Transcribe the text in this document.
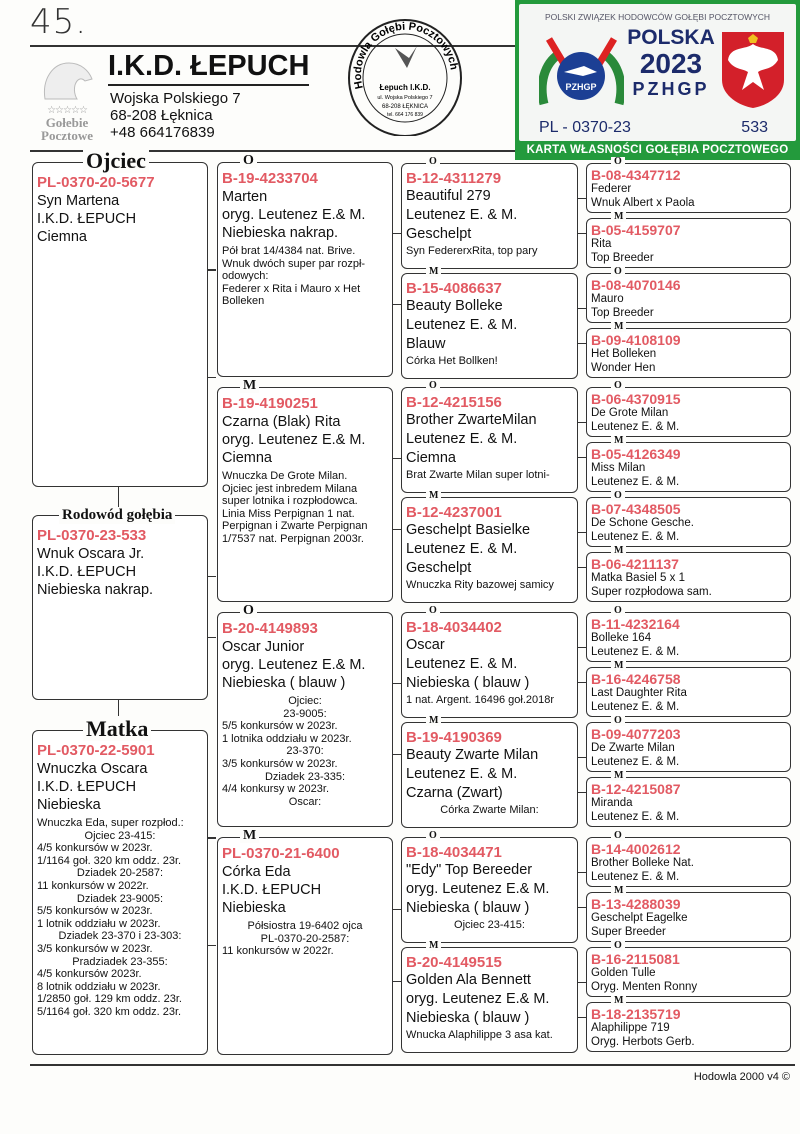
45.
☆☆☆☆☆
Gołebie
Pocztowe
I.K.D. ŁEPUCH
Wojska Polskiego 7
68-208 Łęknica
+48 664176839
Hodowla Gołębi Pocztowych
Łepuch I.K.D.
ul. Wojska Polskiego 7
68-208 ŁĘKNICA
tel. 664 176 839
POLSKI ZWIĄZEK HODOWCÓW GOŁĘBI POCZTOWYCH
PZHGP
POLSKA
2023
PZHGP
PL - 0370-23	533
KARTA WŁASNOŚCI GOŁĘBIA POCZTOWEGO
Ojciec
PL-0370-20-5677
Syn Martena
I.K.D. ŁEPUCH
Ciemna
Rodowód gołębia
PL-0370-23-533
Wnuk Oscara Jr.
I.K.D. ŁEPUCH
Niebieska nakrap.
Matka
PL-0370-22-5901
Wnuczka Oscara
I.K.D. ŁEPUCH
Niebieska
Wnuczka Eda, super rozpłod.:
Ojciec 23-415:
4/5 konkursów w 2023r.
1/1164 goł. 320 km oddz. 23r.
Dziadek 20-2587:
11 konkursów w 2022r.
Dziadek 23-9005:
5/5 konkursów w 2023r.
1 lotnik oddziału w 2023r.
Dziadek 23-370 i 23-303:
3/5 konkursów w 2023r.
Pradziadek 23-355:
4/5 konkursów 2023r.
8 lotnik oddziału w 2023r.
1/2850 goł. 129 km oddz. 23r.
5/1164 goł. 320 km oddz. 23r.
O
B-19-4233704
Marten
oryg. Leutenez E.& M.
Niebieska nakrap.
Pół brat 14/4384 nat. Brive.
Wnuk dwóch super par rozpł-
odowych:
Federer x Rita i Mauro x Het
Bolleken
M
B-19-4190251
Czarna (Blak) Rita
oryg. Leutenez E.& M.
Ciemna
Wnuczka De Grote Milan.
Ojciec jest inbredem Milana
super lotnika i rozpłodowca.
Linia Miss Perpignan 1 nat.
Perpignan i Zwarte Perpignan
1/7537 nat. Perpignan 2003r.
O
B-20-4149893
Oscar Junior
oryg. Leutenez E.& M.
Niebieska ( blauw )
Ojciec:
23-9005:
5/5 konkursów w 2023r.
1 lotnika oddziału w 2023r.
23-370:
3/5 konkursów w 2023r.
Dziadek 23-335:
4/4 konkursy w 2023r.
Oscar:
M
PL-0370-21-6400
Córka Eda
I.K.D. ŁEPUCH
Niebieska
Półsiostra 19-6402 ojca
PL-0370-20-2587:
11 konkursów w 2022r.
O
B-12-4311279
Beautiful 279
Leutenez E. & M.
Geschelpt
Syn FedererxRita, top pary
M
B-15-4086637
Beauty Bolleke
Leutenez E. & M.
Blauw
Córka Het Bollken!
O
B-12-4215156
Brother ZwarteMilan
Leutenez E. & M.
Ciemna
Brat Zwarte Milan super lotni-
M
B-12-4237001
Geschelpt Basielke
Leutenez E. & M.
Geschelpt
Wnuczka Rity bazowej samicy
O
B-18-4034402
Oscar
Leutenez E. & M.
Niebieska ( blauw )
1 nat. Argent. 16496 goł.2018r
M
B-19-4190369
Beauty Zwarte Milan
Leutenez E. & M.
Czarna (Zwart)
Córka Zwarte Milan:
O
B-18-4034471
"Edy" Top Bereeder
oryg. Leutenez E.& M.
Niebieska ( blauw )
Ojciec 23-415:
M
B-20-4149515
Golden Ala Bennett
oryg. Leutenez E.& M.
Niebieska ( blauw )
Wnucka Alaphilippe 3 asa kat.
O
B-08-4347712
Federer
Wnuk Albert x Paola
M
B-05-4159707
Rita
Top Breeder
O
B-08-4070146
Mauro
Top Breeder
M
B-09-4108109
Het Bolleken
Wonder Hen
O
B-06-4370915
De Grote Milan
Leutenez E. & M.
M
B-05-4126349
Miss Milan
Leutenez E. & M.
O
B-07-4348505
De Schone Gesche.
Leutenez E. & M.
M
B-06-4211137
Matka Basiel 5 x 1
Super rozpłodowa sam.
O
B-11-4232164
Bolleke 164
Leutenez E. & M.
M
B-16-4246758
Last Daughter Rita
Leutenez E. & M.
O
B-09-4077203
De Zwarte Milan
Leutenez E. & M.
M
B-12-4215087
Miranda
Leutenez E. & M.
O
B-14-4002612
Brother Bolleke Nat.
Leutenez E. & M.
M
B-13-4288039
Geschelpt Eagelke
Super Breeder
O
B-16-2115081
Golden Tulle
Oryg. Menten Ronny
M
B-18-2135719
Alaphilippe 719
Oryg. Herbots Gerb.
Hodowla 2000 v4 ©
